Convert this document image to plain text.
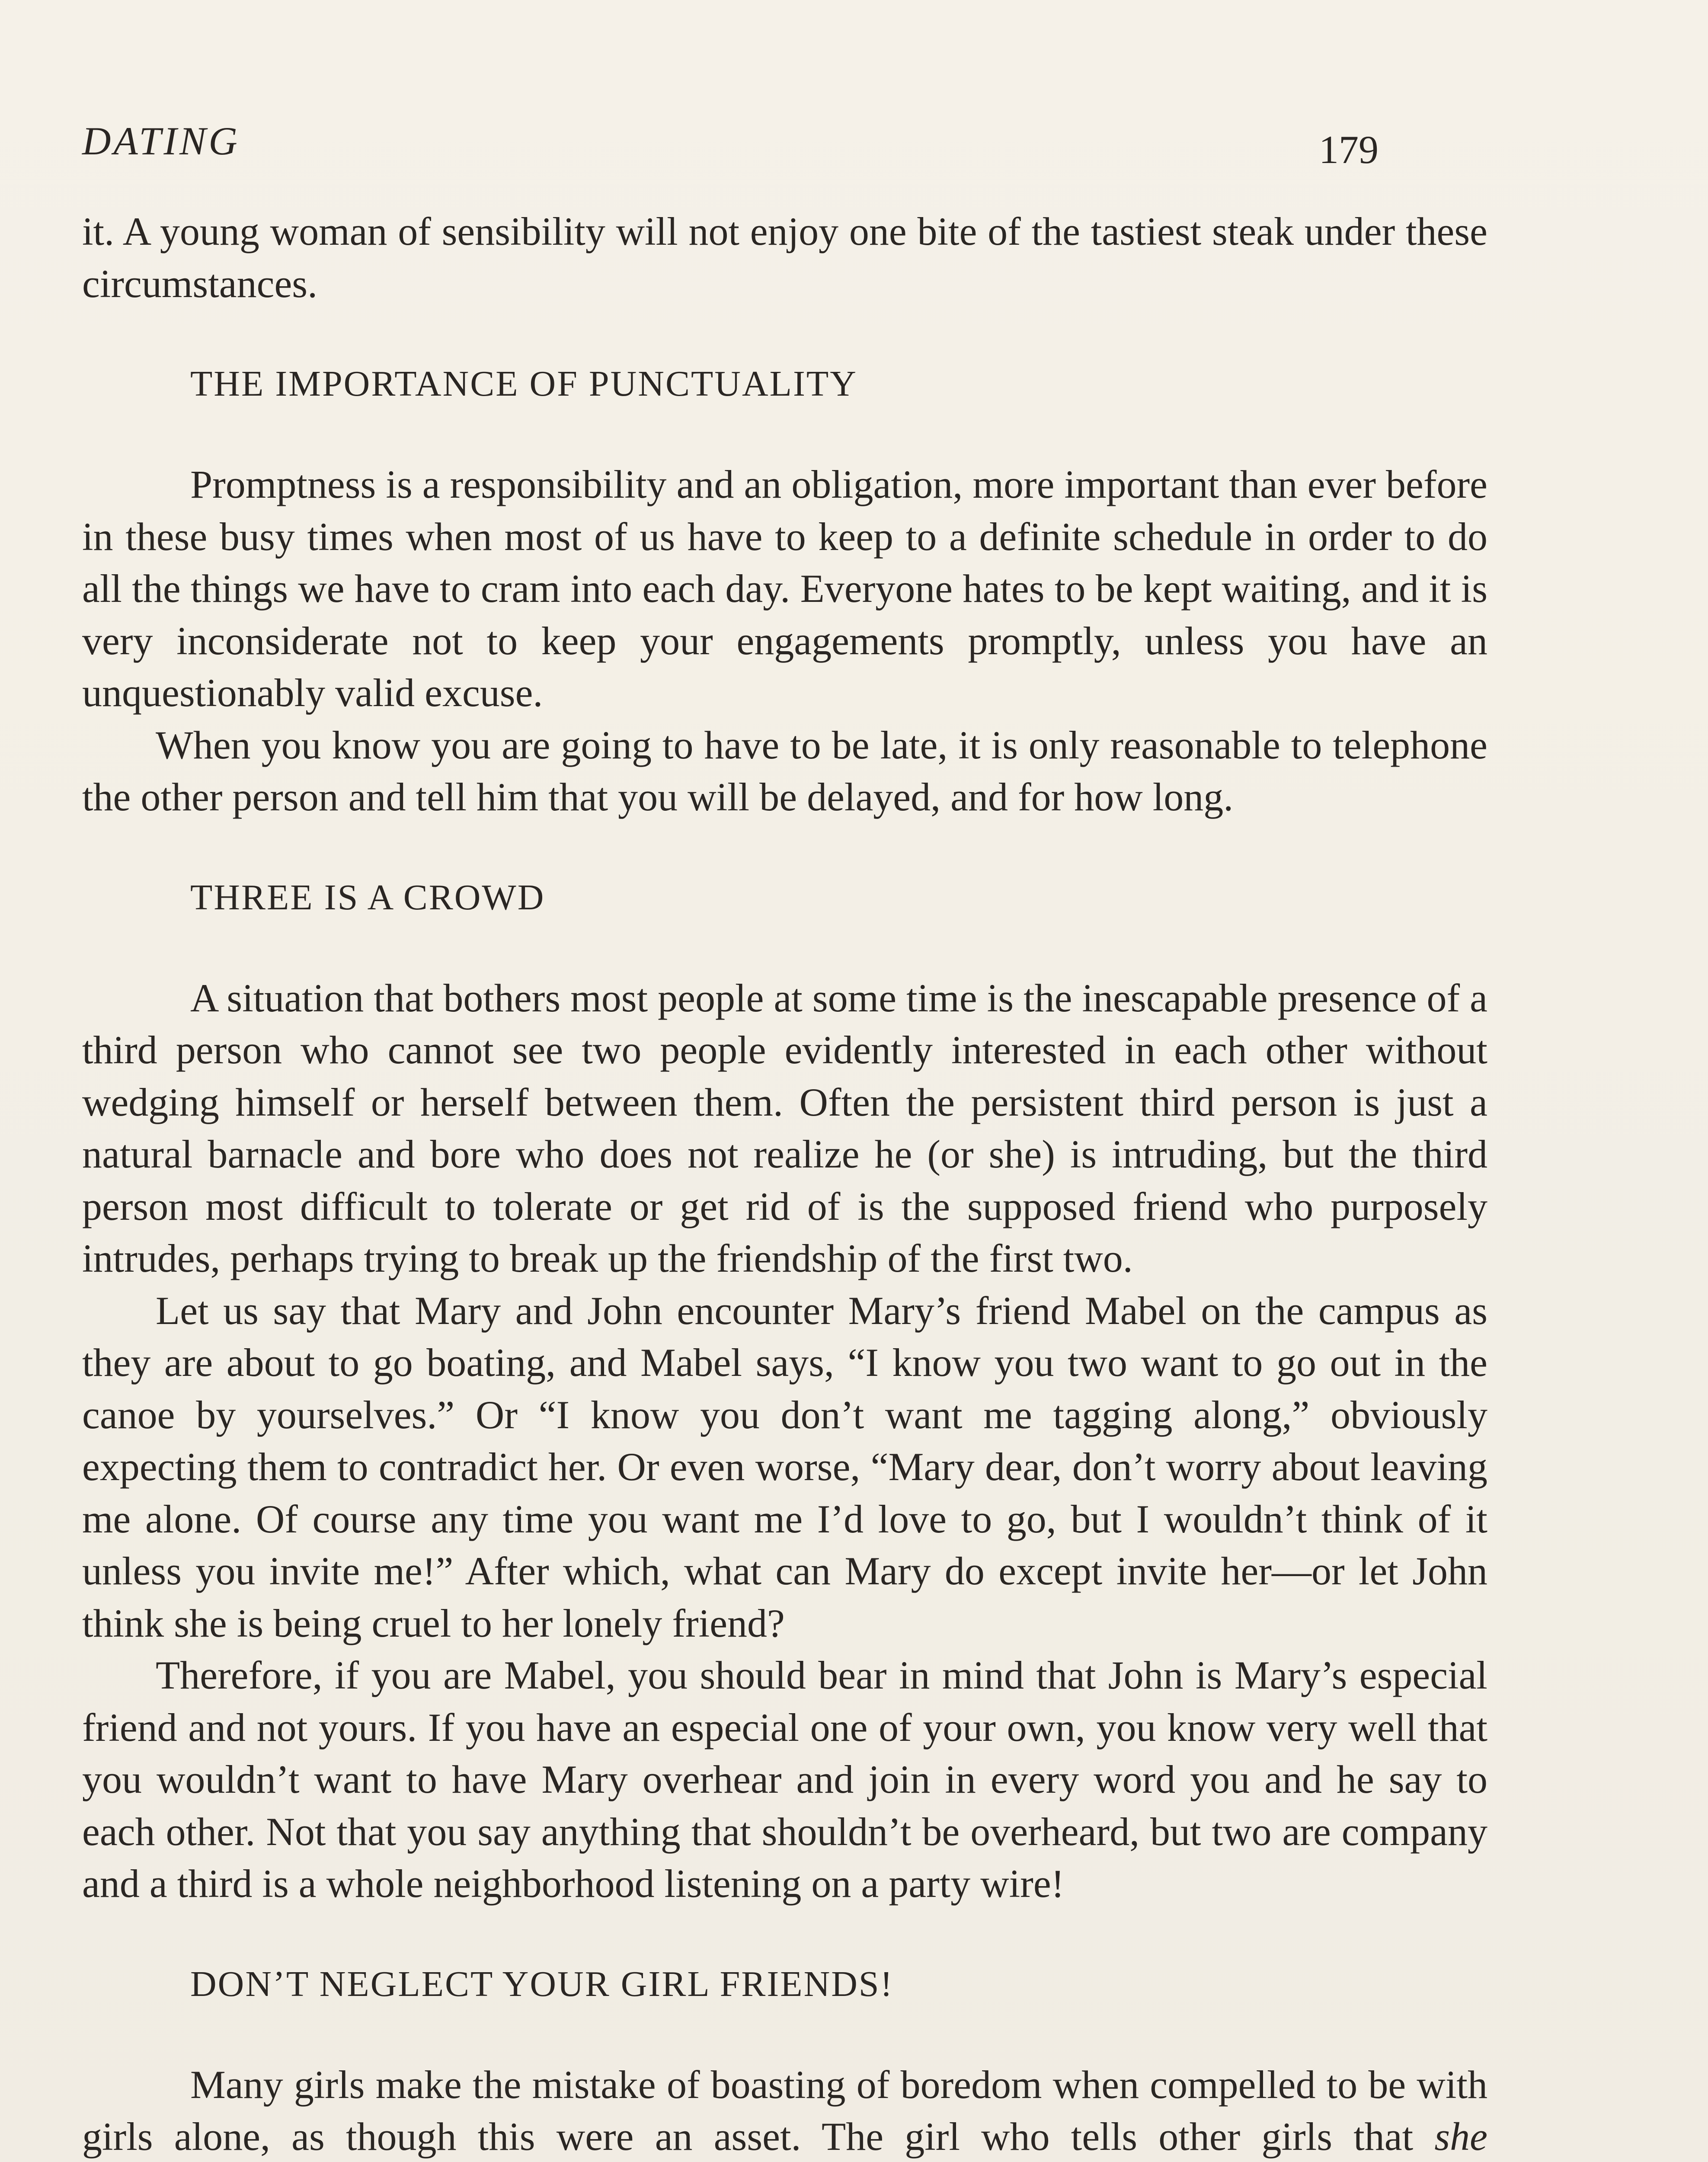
DATING	179

it. A young woman of sensibility will not enjoy one bite of the tastiest steak under these circumstances.

THE IMPORTANCE OF PUNCTUALITY

Promptness is a responsibility and an obligation, more important than ever before in these busy times when most of us have to keep to a definite schedule in order to do all the things we have to cram into each day. Everyone hates to be kept waiting, and it is very inconsiderate not to keep your engagements promptly, unless you have an unquestionably valid excuse.

When you know you are going to have to be late, it is only reasonable to telephone the other person and tell him that you will be delayed, and for how long.

THREE IS A CROWD

A situation that bothers most people at some time is the inescapable presence of a third person who cannot see two people evidently interested in each other without wedging himself or herself between them. Often the persistent third person is just a natural barnacle and bore who does not realize he (or she) is intruding, but the third person most difficult to tolerate or get rid of is the supposed friend who purposely intrudes, perhaps trying to break up the friendship of the first two.

Let us say that Mary and John encounter Mary’s friend Mabel on the campus as they are about to go boating, and Mabel says, “I know you two want to go out in the canoe by yourselves.” Or “I know you don’t want me tagging along,” obviously expecting them to contradict her. Or even worse, “Mary dear, don’t worry about leaving me alone. Of course any time you want me I’d love to go, but I wouldn’t think of it unless you invite me!” After which, what can Mary do except invite her—or let John think she is being cruel to her lonely friend?

Therefore, if you are Mabel, you should bear in mind that John is Mary’s especial friend and not yours. If you have an especial one of your own, you know very well that you wouldn’t want to have Mary overhear and join in every word you and he say to each other. Not that you say anything that shouldn’t be overheard, but two are company and a third is a whole neighborhood listening on a party wire!

DON’T NEGLECT YOUR GIRL FRIENDS!

Many girls make the mistake of boasting of boredom when compelled to be with girls alone, as though this were an asset. The girl who tells other girls that she
